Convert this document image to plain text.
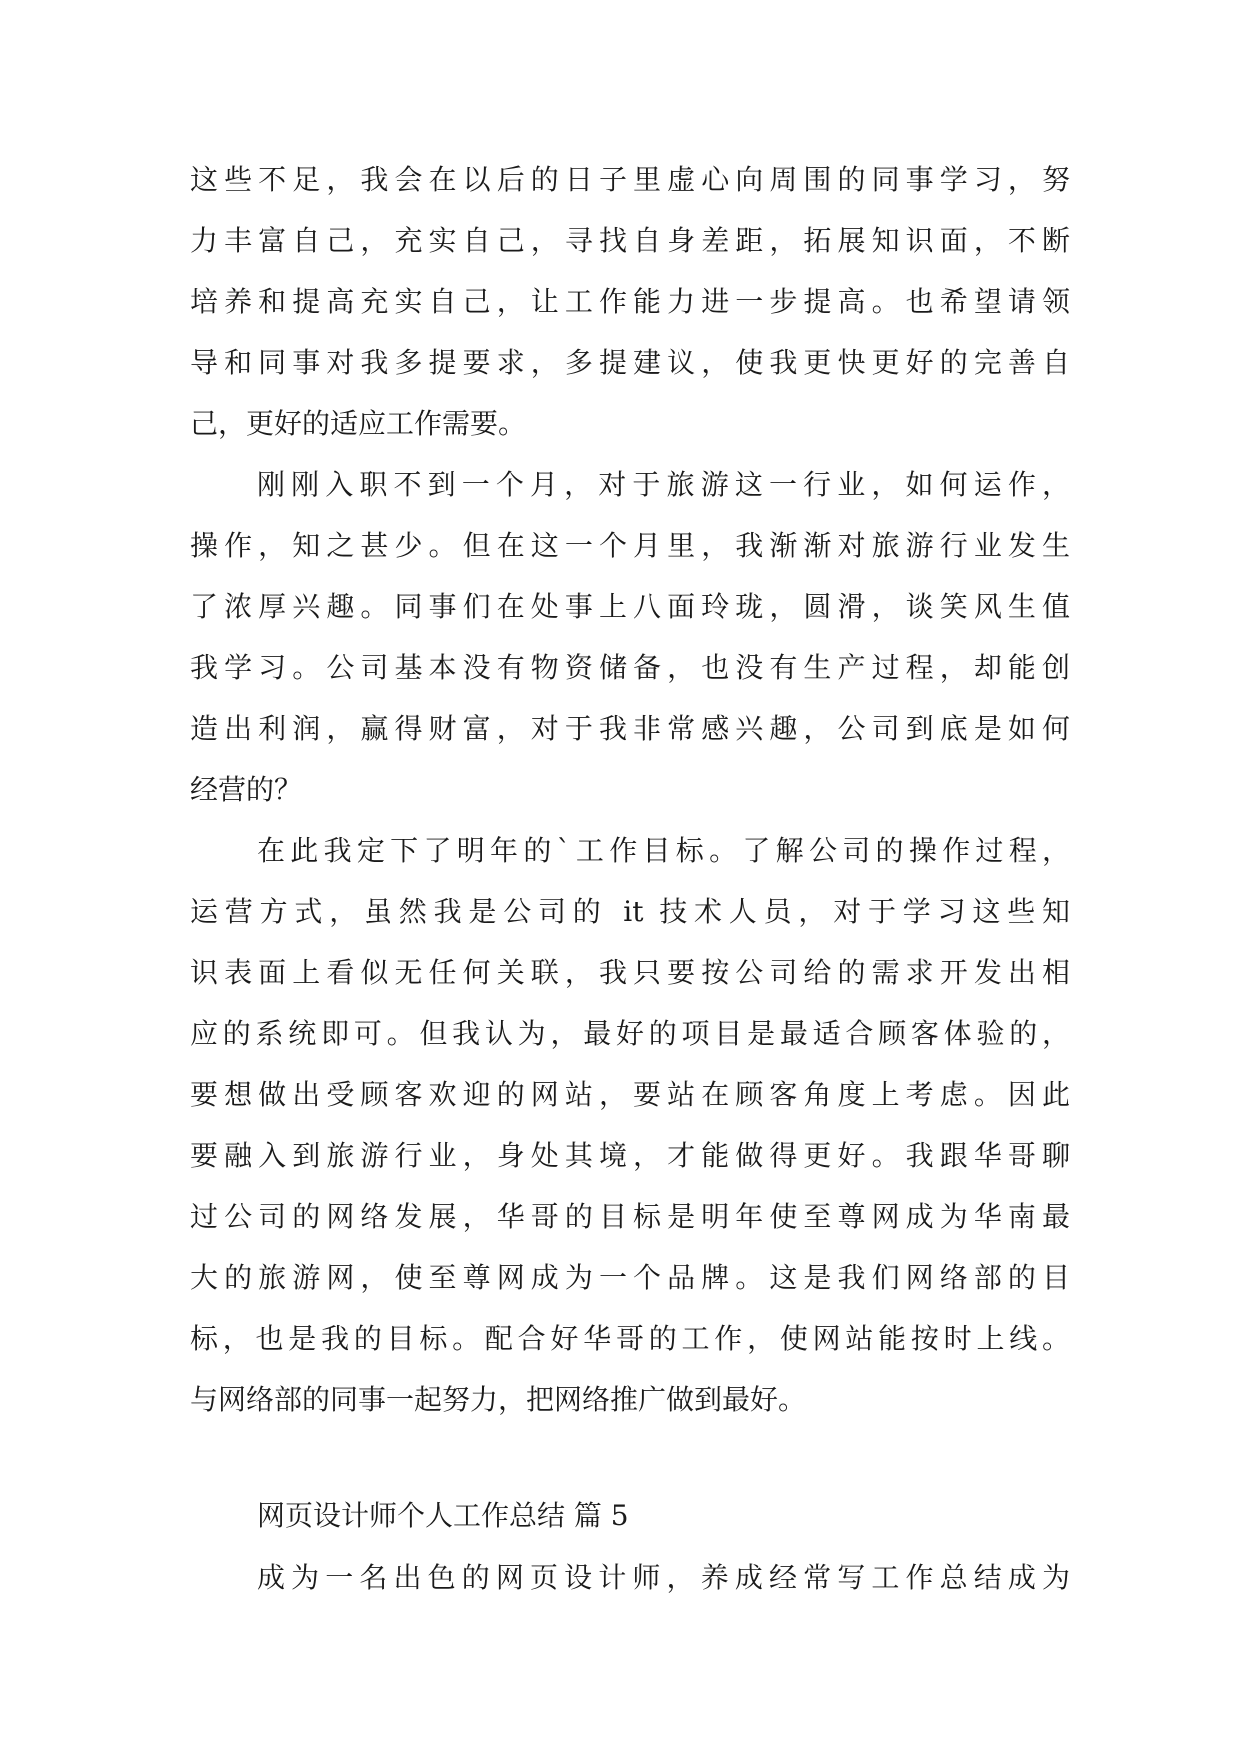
这些不足，我会在以后的日子里虚心向周围的同事学习，努
力丰富自己，充实自己，寻找自身差距，拓展知识面，不断
培养和提高充实自己，让工作能力进一步提高。也希望请领
导和同事对我多提要求，多提建议，使我更快更好的完善自
己，更好的适应工作需要。
刚刚入职不到一个月，对于旅游这一行业，如何运作，
操作，知之甚少。但在这一个月里，我渐渐对旅游行业发生
了浓厚兴趣。同事们在处事上八面玲珑，圆滑，谈笑风生值
我学习。公司基本没有物资储备，也没有生产过程，却能创
造出利润，赢得财富，对于我非常感兴趣，公司到底是如何
经营的？
在此我定下了明年的`工作目标。了解公司的操作过程，
运营方式，虽然我是公司的 it 技术人员，对于学习这些知
识表面上看似无任何关联，我只要按公司给的需求开发出相
应的系统即可。但我认为，最好的项目是最适合顾客体验的，
要想做出受顾客欢迎的网站，要站在顾客角度上考虑。因此
要融入到旅游行业，身处其境，才能做得更好。我跟华哥聊
过公司的网络发展，华哥的目标是明年使至尊网成为华南最
大的旅游网，使至尊网成为一个品牌。这是我们网络部的目
标，也是我的目标。配合好华哥的工作，使网站能按时上线。
与网络部的同事一起努力，把网络推广做到最好。
网页设计师个人工作总结 篇 5
成为一名出色的网页设计师，养成经常写工作总结成为
